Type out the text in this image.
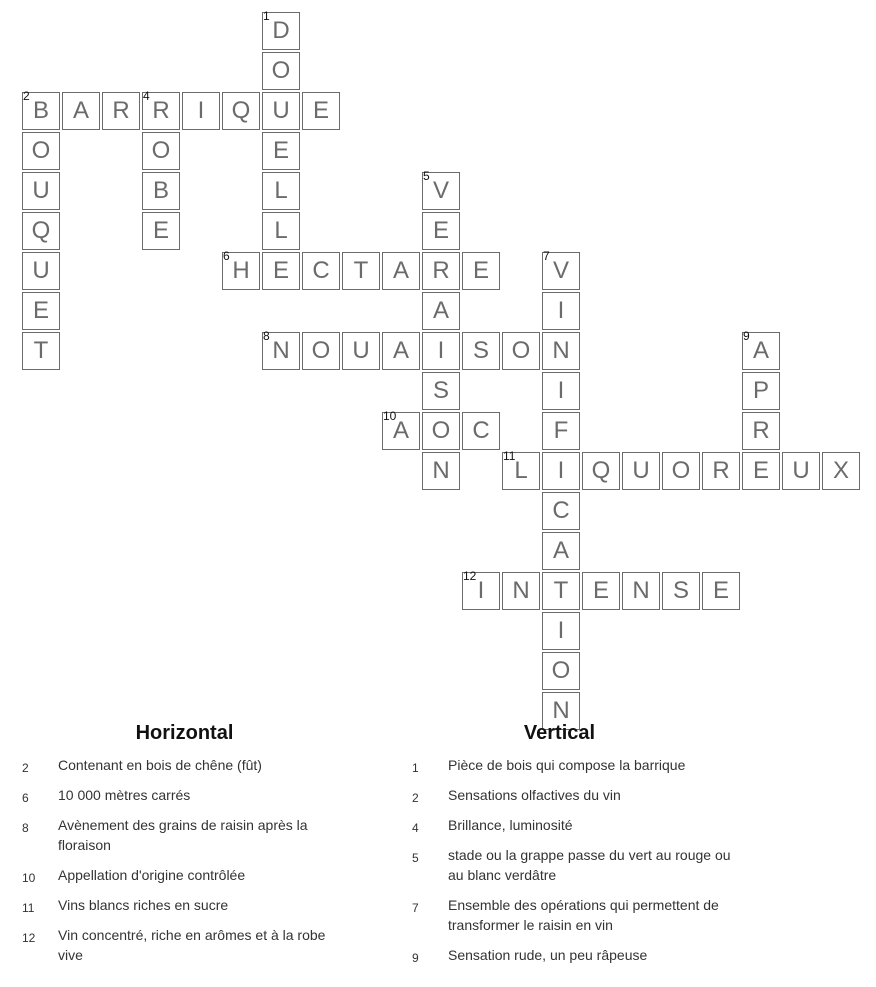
1
D
O
2
B A R
4
R	I	Q U E
O	O	E
U	B	L
5
V
Q	E	L	E
U
6
H E C T	A R E
7
V
E	A	I
T
8
N O U A	I	S O N
9
A
S	I	P
10
A O C	F	R
N
11
L	I	Q U O R E U X
C
A
12
I	N T	E N S E
I
O
N
Horizontal
2	Contenant en bois de chêne (fût)
6	10 000 mètres carrés
8	Avènement des grains de raisin après la floraison
10	Appellation d'origine contrôlée
11	Vins blancs riches en sucre
12	Vin concentré, riche en arômes et à la robe vive
Vertical
1	Pièce de bois qui compose la barrique
2	Sensations olfactives du vin
4	Brillance, luminosité
5	stade ou la grappe passe du vert au rouge ou au blanc verdâtre
7	Ensemble des opérations qui permettent de transformer le raisin en vin
9	Sensation rude, un peu râpeuse
